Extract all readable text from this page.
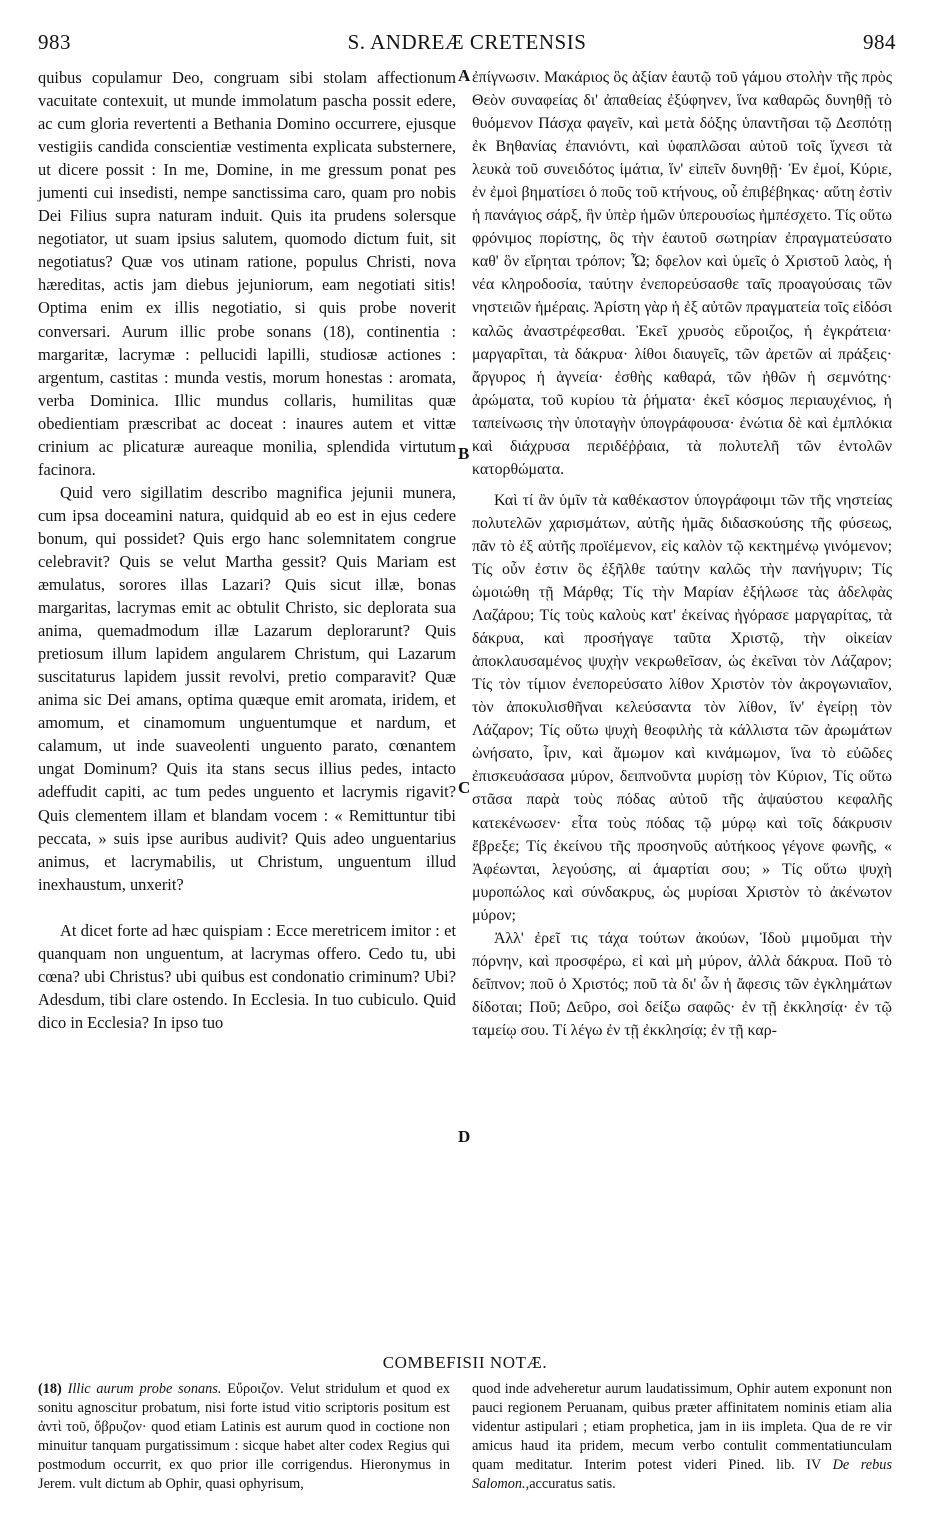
983	S. ANDREÆ CRETENSIS	984

quibus copulamur Deo, congruam sibi stolam affectionum vacuitate contexuit, ut munde immolatum pascha possit edere, ac cum gloria revertenti a Bethania Domino occurrere, ejusque vestigiis candida conscientiæ vestimenta explicata substernere, ut dicere possit : In me, Domine, in me gressum ponat pes jumenti cui insedisti, nempe sanctissima caro, quam pro nobis Dei Filius supra naturam induit. Quis ita prudens solersque negotiator, ut suam ipsius salutem, quomodo dictum fuit, sit negotiatus? Quæ vos utinam ratione, populus Christi, nova hæreditas, actis jam diebus jejuniorum, eam negotiati sitis! Optima enim ex illis negotiatio, si quis probe noverit conversari. Aurum illic probe sonans (18), continentia : margaritæ, lacrymæ : pellucidi lapilli, studiosæ actiones : argentum, castitas : munda vestis, morum honestas : aromata, verba Dominica. Illic mundus collaris, humilitas quæ obedientiam præscribat ac doceat : inaures autem et vittæ crinium ac plicaturæ aureaque monilia, splendida virtutum facinora.

Quid vero sigillatim describo magnifica jejunii munera, cum ipsa doceamini natura, quidquid ab eo est in ejus cedere bonum, qui possidet? Quis ergo hanc solemnitatem congrue celebravit? Quis se velut Martha gessit? Quis Mariam est æmulatus, sorores illas Lazari? Quis sicut illæ, bonas margaritas, lacrymas emit ac obtulit Christo, sic deplorata sua anima, quemadmodum illæ Lazarum deplorarunt? Quis pretiosum illum lapidem angularem Christum, qui Lazarum suscitaturus lapidem jussit revolvi, pretio comparavit? Quæ anima sic Dei amans, optima quæque emit aromata, iridem, et amomum, et cinamomum unguentumque et nardum, et calamum, ut inde suaveolenti unguento parato, cœnantem ungat Dominum? Quis ita stans secus illius pedes, intacto adeffudit capiti, ac tum pedes unguento et lacrymis rigavit? Quis clementem illam et blandam vocem : « Remittuntur tibi peccata, » suis ipse auribus audivit? Quis adeo unguentarius animus, et lacrymabilis, ut Christum, unguentum illud inexhaustum, unxerit?

At dicet forte ad hæc quispiam : Ecce meretricem imitor : et quanquam non unguentum, at lacrymas offero. Cedo tu, ubi cœna? ubi Christus? ubi quibus est condonatio criminum? Ubi? Adesdum, tibi clare ostendo. In Ecclesia. In tuo cubiculo. Quid dico in Ecclesia? In ipso tuo

A
B
C
D

ἐπίγνωσιν. Μακάριος ὃς ἀξίαν ἑαυτῷ τοῦ γάμου στολὴν τῆς πρὸς Θεὸν συναφείας δι' ἀπαθείας ἐξύφηνεν, ἵνα καθαρῶς δυνηθῇ τὸ θυόμενον Πάσχα φαγεῖν, καὶ μετὰ δόξης ὑπαντῆσαι τῷ Δεσπότῃ ἐκ Βηθανίας ἐπανιόντι, καὶ ὑφαπλῶσαι αὐτοῦ τοῖς ἴχνεσι τὰ λευκὰ τοῦ συνειδότος ἱμάτια, ἵν' εἰπεῖν δυνηθῇ· Ἐν ἐμοί, Κύριε, ἐν ἐμοὶ βηματίσει ὁ ποῦς τοῦ κτήνους, οὗ ἐπιβέβηκας· αὕτη ἐστὶν ἡ πανάγιος σάρξ, ἣν ὑπὲρ ἡμῶν ὑπερουσίως ἠμπέσχετο. Τίς οὕτω φρόνιμος πορίστης, ὃς τὴν ἑαυτοῦ σωτηρίαν ἐπραγματεύσατο καθ' ὃν εἴρηται τρόπον; Ὦ; δφελον καὶ ὑμεῖς ὁ Χριστοῦ λαὸς, ἡ νέα κληροδοσία, ταύτην ἐνεπορεύσασθε ταῖς προαγούσαις τῶν νηστειῶν ἡμέραις. Ἀρίστη γὰρ ἡ ἐξ αὐτῶν πραγματεία τοῖς εἰδόσι καλῶς ἀναστρέφεσθαι. Ἐκεῖ χρυσὸς εὔροιζος, ἡ ἐγκράτεια· μαργαρῖται, τὰ δάκρυα· λίθοι διαυγεῖς, τῶν ἀρετῶν αἱ πράξεις· ἄργυρος ἡ ἁγνεία· ἐσθὴς καθαρά, τῶν ἠθῶν ἡ σεμνότης· ἀρώματα, τοῦ κυρίου τὰ ῥήματα· ἐκεῖ κόσμος περιαυχένιος, ἡ ταπείνωσις τὴν ὑποταγὴν ὑπογράφουσα· ἐνώτια δὲ καὶ ἐμπλόκια καὶ διάχρυσα περιδέῤῥαια, τὰ πολυτελῆ τῶν ἐντολῶν κατορθώματα.

Καὶ τί ἂν ὑμῖν τὰ καθέκαστον ὑπογράφοιμι τῶν τῆς νηστείας πολυτελῶν χαρισμάτων, αὐτῆς ἡμᾶς διδασκούσης τῆς φύσεως, πᾶν τὸ ἐξ αὐτῆς προϊέμενον, εἰς καλὸν τῷ κεκτημένῳ γινόμενον; Τίς οὖν ἐστιν ὃς ἐξῆλθε ταύτην καλῶς τὴν πανήγυριν; Τίς ὡμοιώθη τῇ Μάρθᾳ; Τίς τὴν Μαρίαν ἐξήλωσε τὰς ἀδελφὰς Λαζάρου; Τίς τοὺς καλοὺς κατ' ἐκείνας ἠγόρασε μαργαρίτας, τὰ δάκρυα, καὶ προσήγαγε ταῦτα Χριστῷ, τὴν οἰκείαν ἀποκλαυσαμένος ψυχὴν νεκρωθεῖσαν, ὡς ἐκεῖναι τὸν Λάζαρον; Τίς τὸν τίμιον ἐνεπορεύσατο λίθον Χριστὸν τὸν ἀκρογωνιαῖον, τὸν ἀποκυλισθῆναι κελεύσαντα τὸν λίθον, ἵν' ἐγείρῃ τὸν Λάζαρον; Τίς οὕτω ψυχὴ θεοφιλὴς τὰ κάλλιστα τῶν ἀρωμάτων ὠνήσατο, ἶριν, καὶ ἄμωμον καὶ κινάμωμον, ἵνα τὸ εὐῶδες ἐπισκευάσασα μύρον, δειπνοῦντα μυρίσῃ τὸν Κύριον, Τίς οὕτω στᾶσα παρὰ τοὺς πόδας αὐτοῦ τῆς ἀψαύστου κεφαλῆς κατεκένωσεν· εἶτα τοὺς πόδας τῷ μύρῳ καὶ τοῖς δάκρυσιν ἔβρεξε; Τίς ἐκείνου τῆς προσηνοῦς αὐτήκοος γέγονε φωνῆς, « Ἀφέωνται, λεγούσης, αἱ ἁμαρτίαι σου; » Τίς οὕτω ψυχὴ μυροπώλος καὶ σύνδακρυς, ὡς μυρίσαι Χριστὸν τὸ ἀκένωτον μύρον;

Ἀλλ' ἐρεῖ τις τάχα τούτων ἀκούων, Ἰδοὺ μιμοῦμαι τὴν πόρνην, καὶ προσφέρω, εἰ καὶ μὴ μύρον, ἀλλὰ δάκρυα. Ποῦ τὸ δεῖπνον; ποῦ ὁ Χριστός; ποῦ τὰ δι' ὧν ἡ ἄφεσις τῶν ἐγκλημάτων δίδοται; Ποῦ; Δεῦρο, σοὶ δείξω σαφῶς· ἐν τῇ ἐκκλησίᾳ· ἐν τῷ ταμείῳ σου. Τί λέγω ἐν τῇ ἐκκλησίᾳ; ἐν τῇ καρ-

COMBEFISII NOTÆ.
(18) Illic aurum probe sonans. Εὔροιζον. Velut stridulum et quod ex sonitu agnoscitur probatum, nisi forte istud vitio scriptoris positum est ἀντὶ τοῦ, ὄβρυζον· quod etiam Latinis est aurum quod in coctione non minuitur tanquam purgatissimum : sicque habet alter codex Regius qui postmodum occurrit, ex quo prior ille corrigendus. Hieronymus in Jerem. vult dictum ab Ophir, quasi ophyrisum,
quod inde adveheretur aurum laudatissimum, Ophir autem exponunt non pauci regionem Peruanam, quibus præter affinitatem nominis etiam alia videntur astipulari ; etiam prophetica, jam in iis impleta. Qua de re vir amicus haud ita pridem, mecum verbo contulit commentatiunculam quam meditatur. Interim potest videri Pined. lib. IV De rebus Salomon.,accuratus satis.
